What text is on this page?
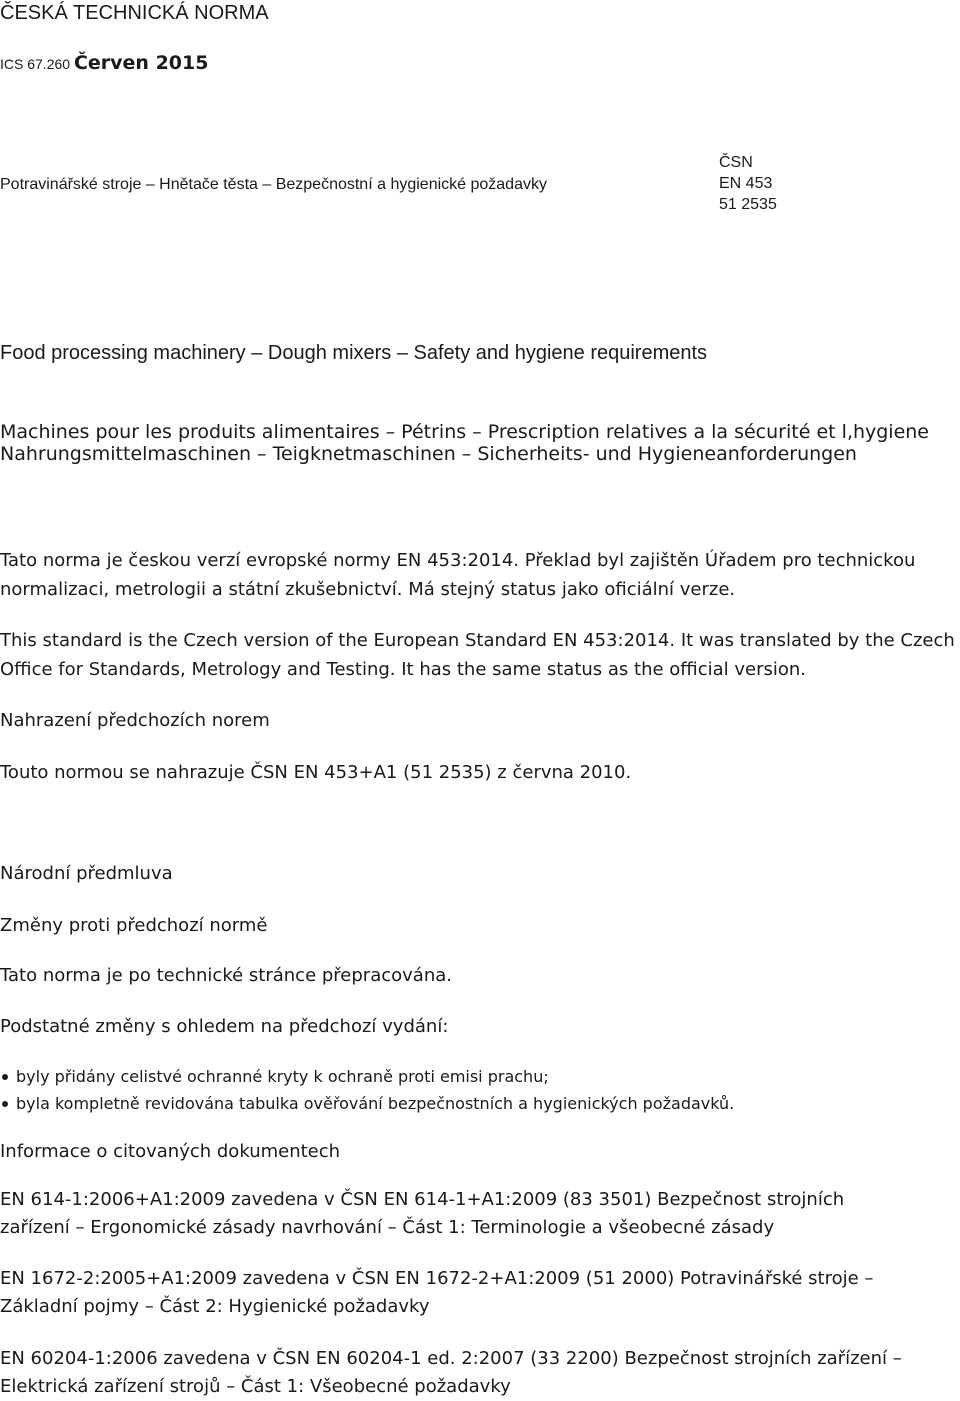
ČESKÁ TECHNICKÁ NORMA
ICS 67.260 Červen 2015
Potravinářské stroje – Hnětače těsta – Bezpečnostní a hygienické požadavky
ČSN
EN 453
51 2535
Food processing machinery – Dough mixers – Safety and hygiene requirements
Machines pour les produits alimentaires – Pétrins – Prescription relatives a la sécurité et l‚hygiene
Nahrungsmittelmaschinen – Teigknetmaschinen – Sicherheits- und Hygieneanforderungen

Tato norma je českou verzí evropské normy EN 453:2014. Překlad byl zajištěn Úřadem pro technickou normalizaci, metrologii a státní zkušebnictví. Má stejný status jako oficiální verze.

This standard is the Czech version of the European Standard EN 453:2014. It was translated by the Czech Office for Standards, Metrology and Testing. It has the same status as the official version.

Nahrazení předchozích norem
Touto normou se nahrazuje ČSN EN 453+A1 (51 2535) z června 2010.
Národní předmluva
Změny proti předchozí normě
Tato norma je po technické stránce přepracována.
Podstatné změny s ohledem na předchozí vydání:
byly přidány celistvé ochranné kryty k ochraně proti emisi prachu;
byla kompletně revidována tabulka ověřování bezpečnostních a hygienických požadavků.
Informace o citovaných dokumentech
EN 614-1:2006+A1:2009 zavedena v ČSN EN 614-1+A1:2009 (83 3501) Bezpečnost strojních
zařízení – Ergonomické zásady navrhování – Část 1: Terminologie a všeobecné zásady
EN 1672-2:2005+A1:2009 zavedena v ČSN EN 1672-2+A1:2009 (51 2000) Potravinářské stroje –
Základní pojmy – Část 2: Hygienické požadavky
EN 60204-1:2006 zavedena v ČSN EN 60204-1 ed. 2:2007 (33 2200) Bezpečnost strojních zařízení –
Elektrická zařízení strojů – Část 1: Všeobecné požadavky
